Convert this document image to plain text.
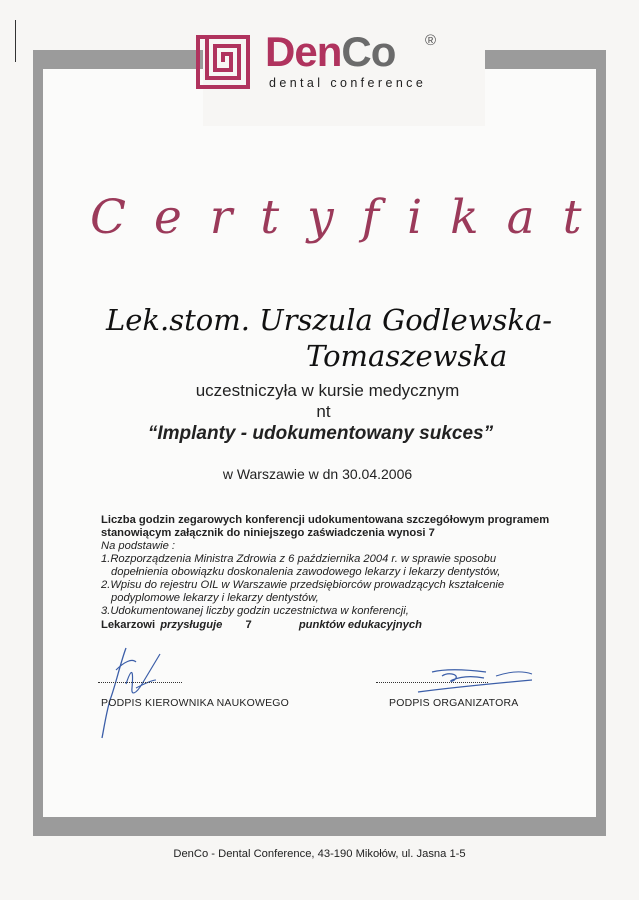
DenCo ®
dental conference
Certyfikat
Lek.stom. Urszula Godlewska-
Tomaszewska
uczestniczyła w kursie medycznym
nt
“Implanty - udokumentowany sukces”
w Warszawie w dn 30.04.2006
Liczba godzin zegarowych konferencji udokumentowana szczegółowym programem
stanowiącym załącznik do niniejszego zaświadczenia wynosi 7
Na podstawie :
1.Rozporządzenia Ministra Zdrowia z 6 października 2004 r. w sprawie sposobu
dopełnienia obowiązku doskonalenia zawodowego lekarzy i lekarzy dentystów,
2.Wpisu do rejestru OIL w Warszawie przedsiębiorców prowadzących kształcenie
podyplomowe lekarzy i lekarzy dentystów,
3.Udokumentowanej liczby godzin uczestnictwa w konferencji,
Lekarzowi przysługuje 7	punktów edukacyjnych
PODPIS KIEROWNIKA NAUKOWEGO	PODPIS ORGANIZATORA
DenCo - Dental Conference, 43-190 Mikołów, ul. Jasna 1-5
